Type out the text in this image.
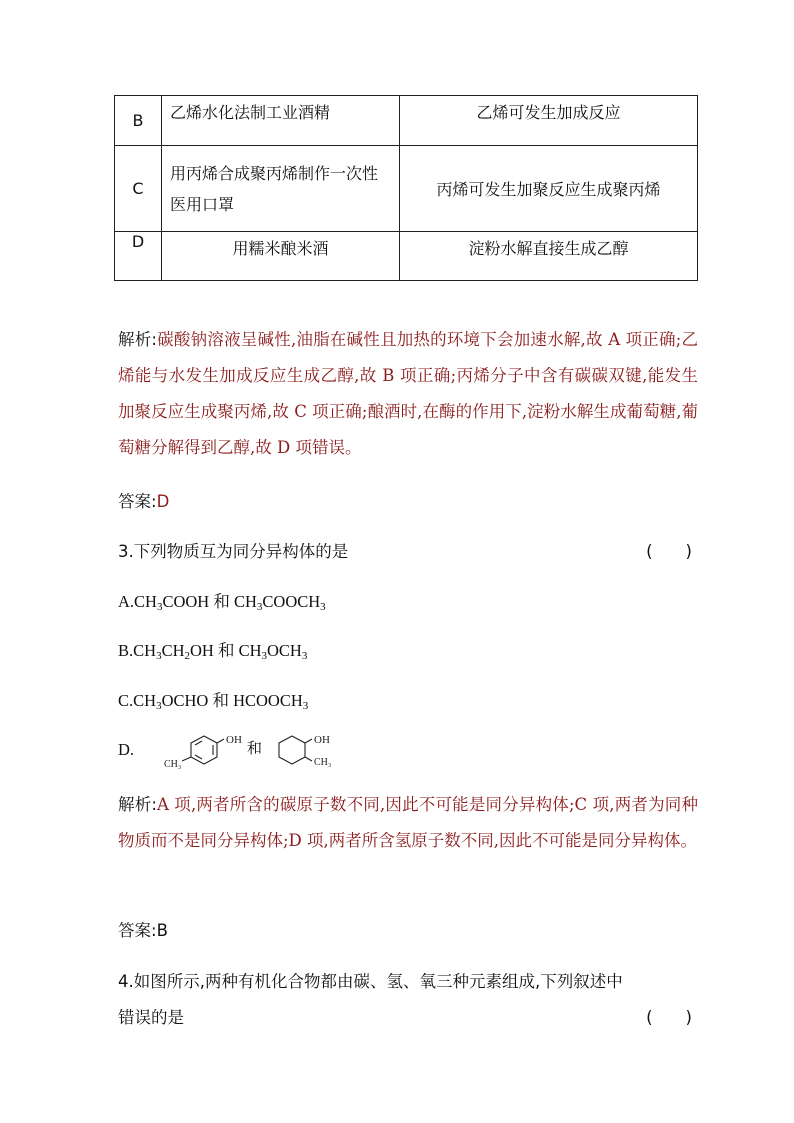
B	乙烯水化法制工业酒精	乙烯可发生加成反应
C	用丙烯合成聚丙烯制作一次性医用口罩	丙烯可发生加聚反应生成聚丙烯
D	用糯米酿米酒	淀粉水解直接生成乙醇
解析:碳酸钠溶液呈碱性,油脂在碱性且加热的环境下会加速水解,故 A 项正确;乙烯能与水发生加成反应生成乙醇,故 B 项正确;丙烯分子中含有碳碳双键,能发生加聚反应生成聚丙烯,故 C 项正确;酿酒时,在酶的作用下,淀粉水解生成葡萄糖,葡萄糖分解得到乙醇,故 D 项错误。
答案:D
3.下列物质互为同分异构体的是	(　　)
$A.CH_3COOH$ 和 $CH_3COOCH_3$
$B.CH_3CH_2OH$ 和 $CH_3OCH_3$
$C.CH_3OCHO$ 和 $HCOOCH_3$
D.	OH
CH₃
和	OH
CH₃
解析:A 项,两者所含的碳原子数不同,因此不可能是同分异构体;C 项,两者为同种物质而不是同分异构体;D 项,两者所含氢原子数不同,因此不可能是同分异构体。
答案:B
4.如图所示,两种有机化合物都由碳、氢、氧三种元素组成,下列叙述中
错误的是	(　　)
